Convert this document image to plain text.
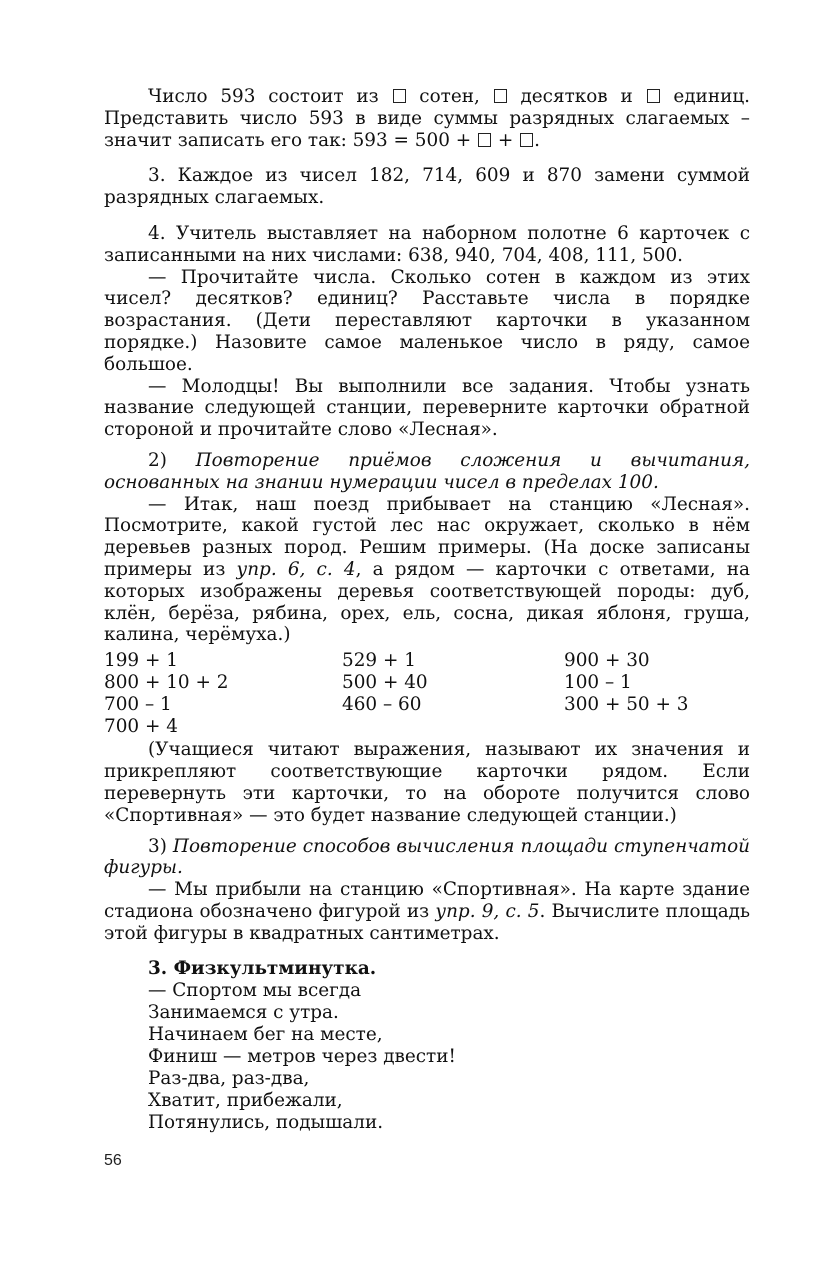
Число 593 состоит из  сотен,  десятков и  единиц. Представить число 593 в виде суммы разрядных слагаемых – значит записать его так: 593 = 500 +  + .

3. Каждое из чисел 182, 714, 609 и 870 замени суммой разрядных слагаемых.

4. Учитель выставляет на наборном полотне 6 карточек с записанными на них числами: 638, 940, 704, 408, 111, 500.

— Прочитайте числа. Сколько сотен в каждом из этих чисел? десятков? единиц? Расставьте числа в порядке возрастания. (Дети переставляют карточки в указанном порядке.) Назовите самое маленькое число в ряду, самое большое.

— Молодцы! Вы выполнили все задания. Чтобы узнать название следующей станции, переверните карточки обратной стороной и прочитайте слово «Лесная».

2) Повторение приёмов сложения и вычитания, основанных на знании нумерации чисел в пределах 100.

— Итак, наш поезд прибывает на станцию «Лесная». Посмотрите, какой густой лес нас окружает, сколько в нём деревьев разных пород. Решим примеры. (На доске записаны примеры из упр. 6, с. 4, а рядом — карточки с ответами, на которых изображены деревья соответствующей породы: дуб, клён, берёза, рябина, орех, ель, сосна, дикая яблоня, груша, калина, черёмуха.)

199 + 1	529 + 1	900 + 30
800 + 10 + 2	500 + 40	100 – 1
700 – 1	460 – 60	300 + 50 + 3
700 + 4

(Учащиеся читают выражения, называют их значения и прикрепляют соответствующие карточки рядом. Если перевернуть эти карточки, то на обороте получится слово «Спортивная» — это будет название следующей станции.)

3) Повторение способов вычисления площади ступенчатой фигуры.

— Мы прибыли на станцию «Спортивная». На карте здание стадиона обозначено фигурой из упр. 9, с. 5. Вычислите площадь этой фигуры в квадратных сантиметрах.

3. Физкультминутка.

— Спортом мы всегда
Занимаемся с утра.
Начинаем бег на месте,
Финиш — метров через двести!
Раз-два, раз-два,
Хватит, прибежали,
Потянулись, подышали.
56
